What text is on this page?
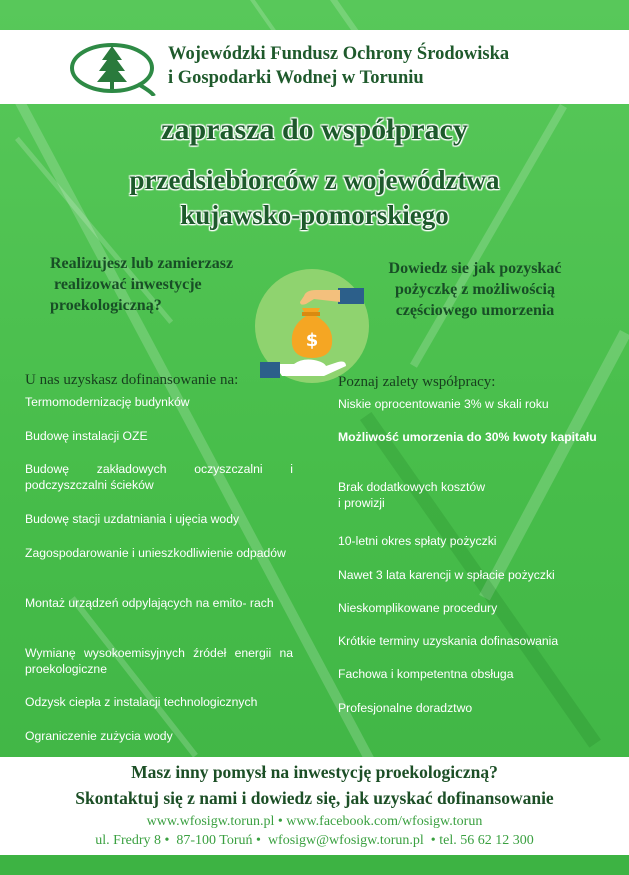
Wojewódzki Fundusz Ochrony Środowiska
i Gospodarki Wodnej w Toruniu
zaprasza do współpracy
przedsiebiorców z województwa
kujawsko-pomorskiego
Realizujesz lub zamierzasz
realizować inwestycje
proekologiczną?
Dowiedz sie jak pozyskać
pożyczkę z możliwością
częściowego umorzenia
$
U nas uzyskasz dofinansowanie na:	Poznaj zalety współpracy:
Termomodernizację budynków
Budowę instalacji OZE
Budowę zakładowych oczyszczalni i podczyszczalni ścieków
Budowę stacji uzdatniania i ujęcia wody
Zagospodarowanie i unieszkodliwienie odpadów
Montaż urządzeń odpylających na emito- rach
Wymianę wysokoemisyjnych źródeł energii na proekologiczne
Odzysk ciepła z instalacji technologicznych
Ograniczenie zużycia wody
Niskie oprocentowanie 3% w skali roku
Możliwość umorzenia do 30% kwoty kapitału
Brak dodatkowych kosztów
i prowizji
10-letni okres spłaty pożyczki
Nawet 3 lata karencji w spłacie pożyczki
Nieskomplikowane procedury
Krótkie terminy uzyskania dofinasowania
Fachowa i kompetentna obsługa
Profesjonalne doradztwo
Masz inny pomysł na inwestycję proekologiczną?
Skontaktuj się z nami i dowiedz się, jak uzyskać dofinansowanie
www.wfosigw.torun.pl • www.facebook.com/wfosigw.torun
ul. Fredry 8 •  87-100 Toruń •  wfosigw@wfosigw.torun.pl  • tel. 56 62 12 300
